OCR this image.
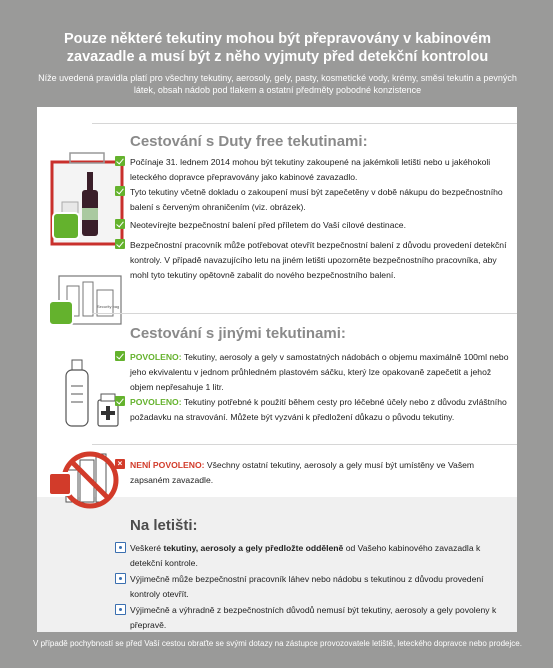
Pouze některé tekutiny mohou být přepravovány v kabinovém zavazadle a musí být z něho vyjmuty před detekční kontrolou
Níže uvedená pravidla platí pro všechny tekutiny, aerosoly, gely, pasty, kosmetické vody, krémy, směsi tekutin a pevných látek, obsah nádob pod tlakem a ostatní předměty pobodné konzistence
Security bag
Cestování s Duty free tekutinami:
Počínaje 31. lednem 2014 mohou být tekutiny zakoupené na jakémkoli letišti nebo u jakéhokoli leteckého dopravce přepravovány jako kabinové zavazadlo.
Tyto tekutiny včetně dokladu o zakoupení musí být zapečetěny v době nákupu do bezpečnostního balení s červeným ohraničením (viz. obrázek).
Neotevírejte bezpečnostní balení před příletem do Vaší cílové destinace.
Bezpečnostní pracovník může potřebovat otevřít bezpečnostní balení z důvodu provedení detekční kontroly. V případě navazujícího letu na jiném letišti upozorněte bezpečnostního pracovníka, aby mohl tyto tekutiny opětovně zabalit do nového bezpečnostního balení.
Cestování s jinými tekutinami:
POVOLENO: Tekutiny, aerosoly a gely v samostatných nádobách o objemu maximálně 100ml nebo jeho ekvivalentu v jednom průhledném plastovém sáčku, který lze opakovaně zapečetit a jehož objem nepřesahuje 1 litr.
POVOLENO: Tekutiny potřebné k použití během cesty pro léčebné účely nebo z důvodu zvláštního požadavku na stravování. Můžete být vyzváni k předložení důkazu o původu tekutiny.
× NENÍ POVOLENO: Všechny ostatní tekutiny, aerosoly a gely musí být umístěny ve Vašem zapsaném zavazadle.
Na letišti:
Veškeré tekutiny, aerosoly a gely předložte odděleně od Vašeho kabinového zavazadla k detekční kontrole.
Výjimečně může bezpečnostní pracovník láhev nebo nádobu s tekutinou z důvodu provedení kontroly otevřít.
Výjimečně a výhradně z bezpečnostních důvodů nemusí být tekutiny, aerosoly a gely povoleny k přepravě.
V případě pochybností se před Vaší cestou obraťte se svými dotazy na zástupce provozovatele letiště, leteckého dopravce nebo prodejce.
